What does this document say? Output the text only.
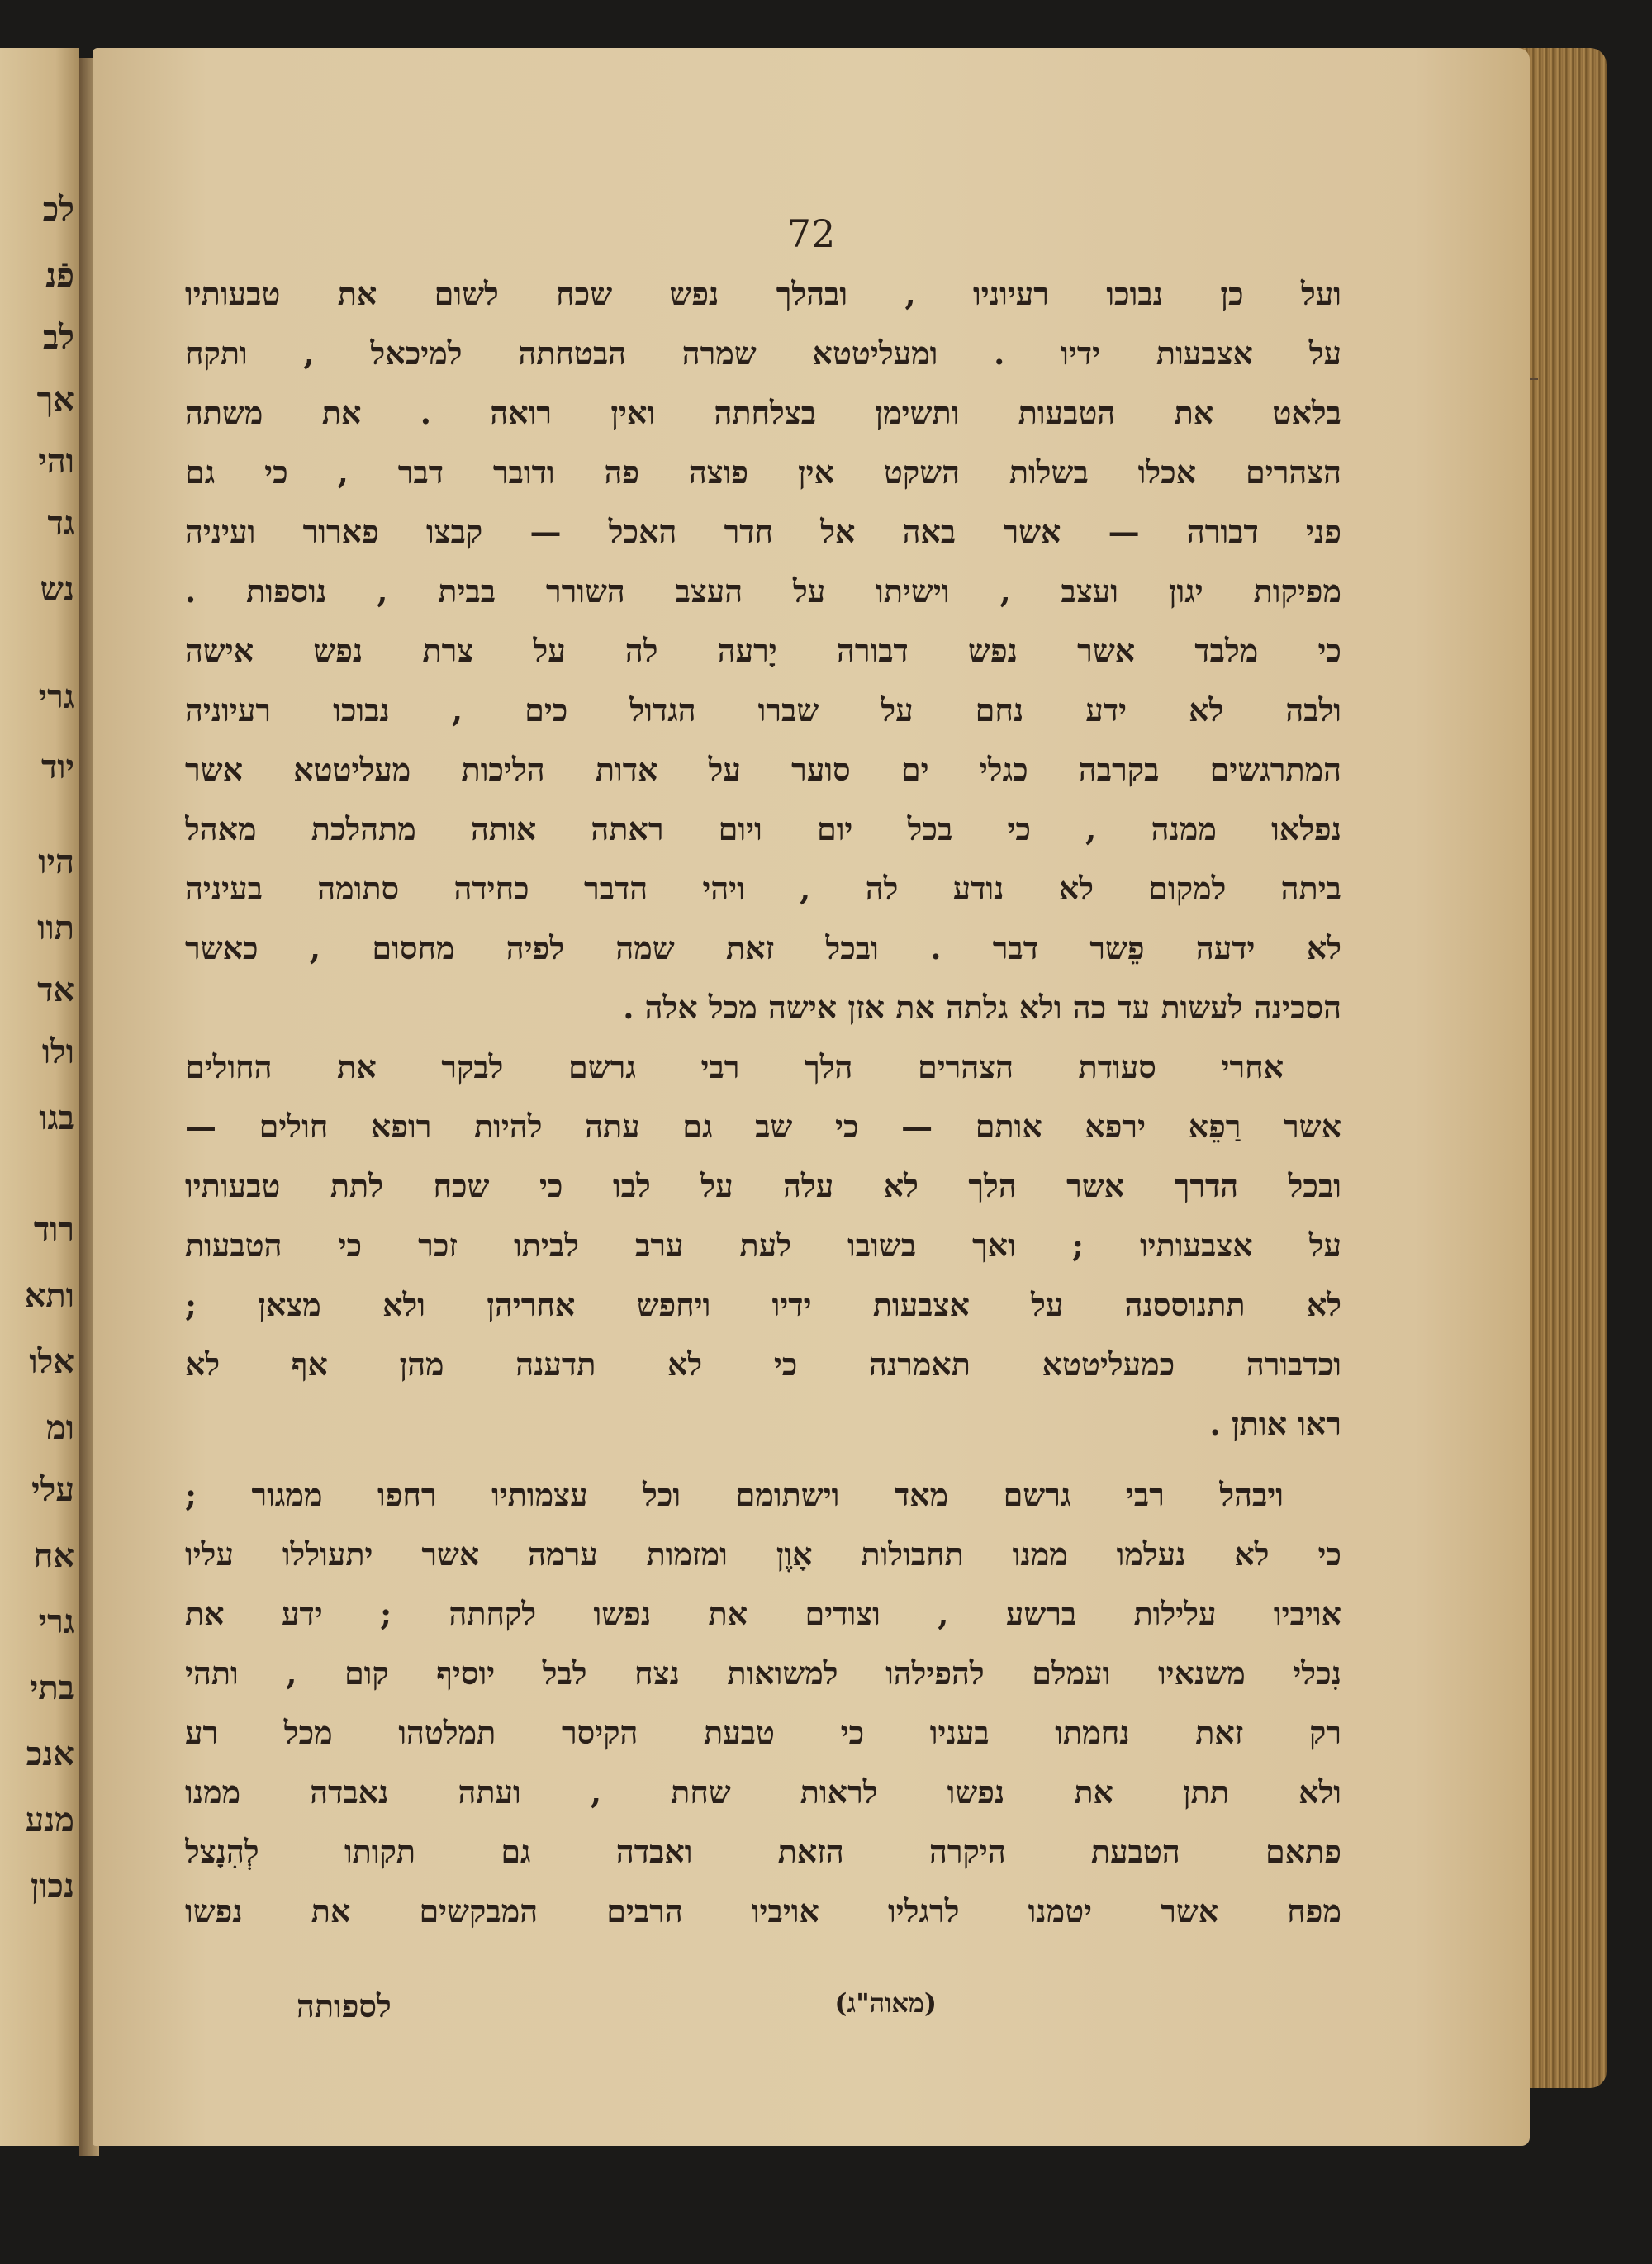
לכ
פֿנ
לב
אך
והי
גד
נש
גרי
יוד
היו
תוו
אד
ולו
בגו
רוד
ותא
אלו
ומ
עלי
אח
גרי
בתי
אנכ
מנע
נכון
72
ועל כן נבוכו רעיוניו , ובהלך נפש שכח לשום את טבעותיו
על אצבעות ידיו . ומעליטטא שמרה הבטחתה למיכאל , ותקח
בלאט את הטבעות ותשימן בצלחתה ואין רואה . את משתה
הצהרים אכלו בשלות השקט אין פוצה פה ודובר דבר , כי גם
פני דבורה — אשר באה אל חדר האכל — קבצו פארור ועיניה
מפיקות יגון ועצב , וישיתו על העצב השורר בבית , נוספות .
כי מלבד אשר נפש דבורה יָרעה לה על צרת נפש אישה
ולבה לא ידע נחם על שברו הגדול כים , נבוכו רעיוניה
המתרגשים בקרבה כגלי ים סוער על אדות הליכות מעליטטא אשר
נפלאו ממנה , כי בכל יום ויום ראתה אותה מתהלכת מאהל
ביתה למקום לא נודע לה , ויהי הדבר כחידה סתומה בעיניה
לא ידעה פֵשר דבר . ובכל זאת שמה לפיה מחסום , כאשר
הסכינה לעשות עד כה ולא גלתה את אזן אישה מכל אלה .
אחרי סעודת הצהרים הלך רבי גרשם לבקר את החולים
אשר רַפֵא ירפא אותם — כי שב גם עתה להיות רופא חולים —
ובכל הדרך אשר הלך לא עלה על לבו כי שכח לתת טבעותיו
על אצבעותיו ; ואך בשובו לעת ערב לביתו זכר כי הטבעות
לא תתנוססנה על אצבעות ידיו ויחפש אחריהן ולא מצאן ;
וכדבורה כמעליטטא תאמרנה כי לא תדענה מהן אף לא
ראו אותן .
ויבהל רבי גרשם מאד וישתומם וכל עצמותיו רחפו ממגור ;
כי לא נעלמו ממנו תחבולות אָוֶן ומזמות ערמה אשר יתעוללו עליו
אויביו עלילות ברשע , וצודים את נפשו לקחתה ; ידע את
נִכלי משנאיו ועמלם להפילהו למשואות נצח לבל יוסיף קום , ותהי
רק זאת נחמתו בעניו כי טבעת הקיסר תמלטהו מכל רע
ולא תתן את נפשו לראות שחת , ועתה נאבדה ממנו
פתאם הטבעת היקרה הזאת ואבדה גם תקותו לְהִנָצל
מפח אשר יטמנו לרגליו אויביו הרבים המבקשים את נפשו
(מאוה"ג)
לספותה
